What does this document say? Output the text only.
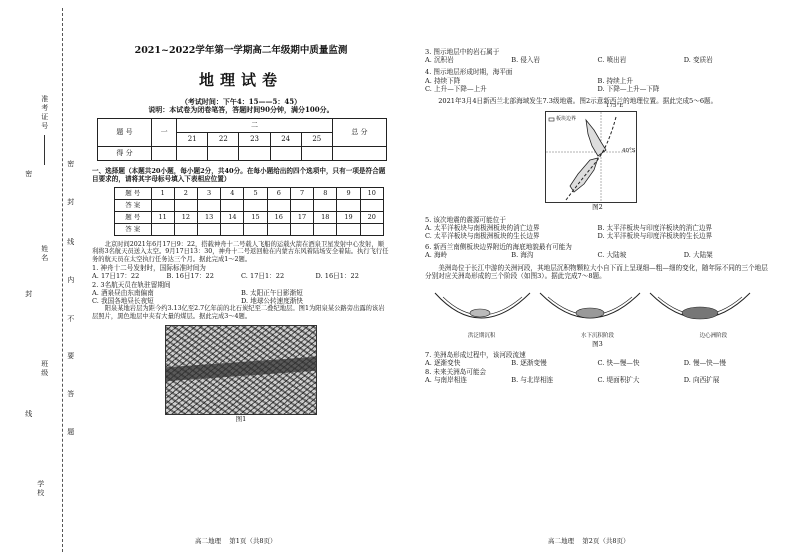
准考证号
密
封
线
内
不
要
答
题
姓名
班级
学校
密
封
线
2021~2022学年第一学期高二年级期中质量监测
地理试卷
（考试时间：下午4：15——5：45）
说明：本试卷为闭卷笔答，答题时间90分钟，满分100分。
题 号	一	二					总 分
		21	22	23	24	25	
得 分							

一、选择题（本题共20小题，每小题2分，共40分。在每小题给出的四个选项中，只有一项是符合题目要求的，请将其字母标号填入下表相应位置）

题 号	1	2	3	4	5	6	7	8	9	10
答 案										
题 号	11	12	13	14	15	16	17	18	19	20
答 案										

北京时间2021年6月17日9：22，搭载神舟十二号载人飞船的运载火箭在酒泉卫星发射中心发射，顺利将3名航天员送入太空。9月17日13：30，神舟十二号返回舱在内蒙古东风着陆场安全着陆。执行飞行任务的航天员在太空执行任务达三个月。据此完成1～2题。

1. 神舟十二号发射时，国际标准时间为

A. 17日17：22	B. 16日17：22	C. 17日1：22	D. 16日1：22

2. 3名航天员在轨驻留期间

A. 酒泉昼由东南偏南	B. 太阳正午日影渐短
C. 我国各地昼长夜短	D. 地球公转速度渐快

阳泉某地岩层为距今约3.13亿至2.7亿年前的北石炭纪至二叠纪地层。图1为阳泉某公路旁出露的该岩层照片，黑色地层中夹有大量的煤层。据此完成3～4题。

图1
高二地理 第1页（共8页）

3. 图示地层中的岩石属于

A. 沉积岩	B. 侵入岩	C. 喷出岩	D. 变质岩

4. 图示地层形成时期，海平面

A. 持续下降	B. 持续上升
C. 上升—下降—上升	D. 下降—上升—下降

2021年3月4日新西兰北部海域发生7.3级地震。图2示意新西兰的地理位置。据此完成5～6题。

175°E
40°S
板块边界
图2

5. 该次地震的震源可能位于

A. 太平洋板块与南极洲板块的消亡边界	B. 太平洋板块与印度洋板块的消亡边界
C. 太平洋板块与南极洲板块的生长边界	D. 太平洋板块与印度洋板块的生长边界

6. 新西兰南侧板块边界附近的海底地貌最有可能为

A. 海岭	B. 海沟	C. 大陆坡	D. 大陆架

美洲岛位于长江中游的关洲河段，其地层沉积物颗粒大小自下而上呈现细—粗—细的变化，随年际不同的三个地层分别对应关洲岛形成的三个阶段（如图3）。据此完成7～8题。

洪泛期沉积	水下沉积阶段	边心洲阶段
图3

7. 美洲岛形成过程中，该河段流速

A. 逐渐变快	B. 逐渐变慢	C. 快—慢—快	D. 慢—快—慢

8. 未来关洲岛可能会

A. 与南岸相连	B. 与北岸相连	C. 堤面积扩大	D. 向西扩展
高二地理 第2页（共8页）
